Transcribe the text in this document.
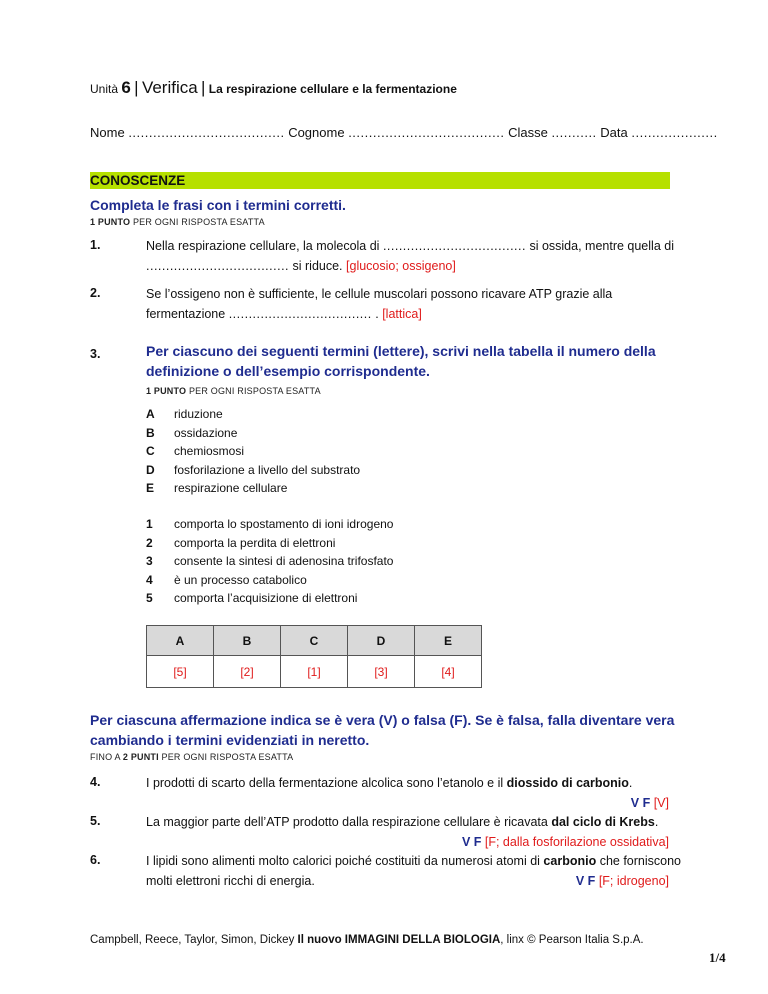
Unità 6 | Verifica | La respirazione cellulare e la fermentazione
Nome ...................................... Cognome ...................................... Classe ........... Data .....................
CONOSCENZE
Completa le frasi con i termini corretti.
1 PUNTO PER OGNI RISPOSTA ESATTA
1.	Nella respirazione cellulare, la molecola di .................................... si ossida, mentre quella di
.................................... si riduce. [glucosio; ossigeno]
2.	Se l’ossigeno non è sufficiente, le cellule muscolari possono ricavare ATP grazie alla
fermentazione .................................... . [lattica]
3.	Per ciascuno dei seguenti termini (lettere), scrivi nella tabella il numero della definizione o dell’esempio corrispondente.
1 PUNTO PER OGNI RISPOSTA ESATTA
A riduzione
B ossidazione
C chemiosmosi
D fosforilazione a livello del substrato
E respirazione cellulare
1 comporta lo spostamento di ioni idrogeno
2 comporta la perdita di elettroni
3 consente la sintesi di adenosina trifosfato
4 è un processo catabolico
5 comporta l’acquisizione di elettroni
A	B	C	D	E
[5]	[2]	[1]	[3]	[4]
Per ciascuna affermazione indica se è vera (V) o falsa (F). Se è falsa, falla diventare vera cambiando i termini evidenziati in neretto.
FINO A 2 PUNTI PER OGNI RISPOSTA ESATTA
4.	I prodotti di scarto della fermentazione alcolica sono l’etanolo e il diossido di carbonio.
V F [V]
5.	La maggior parte dell’ATP prodotto dalla respirazione cellulare è ricavata dal ciclo di Krebs.
V F [F; dalla fosforilazione ossidativa]
6.	I lipidi sono alimenti molto calorici poiché costituiti da numerosi atomi di carbonio che forniscono
molti elettroni ricchi di energia.	V F [F; idrogeno]
Campbell, Reece, Taylor, Simon, Dickey Il nuovo IMMAGINI DELLA BIOLOGIA, linx © Pearson Italia S.p.A.
1/4
